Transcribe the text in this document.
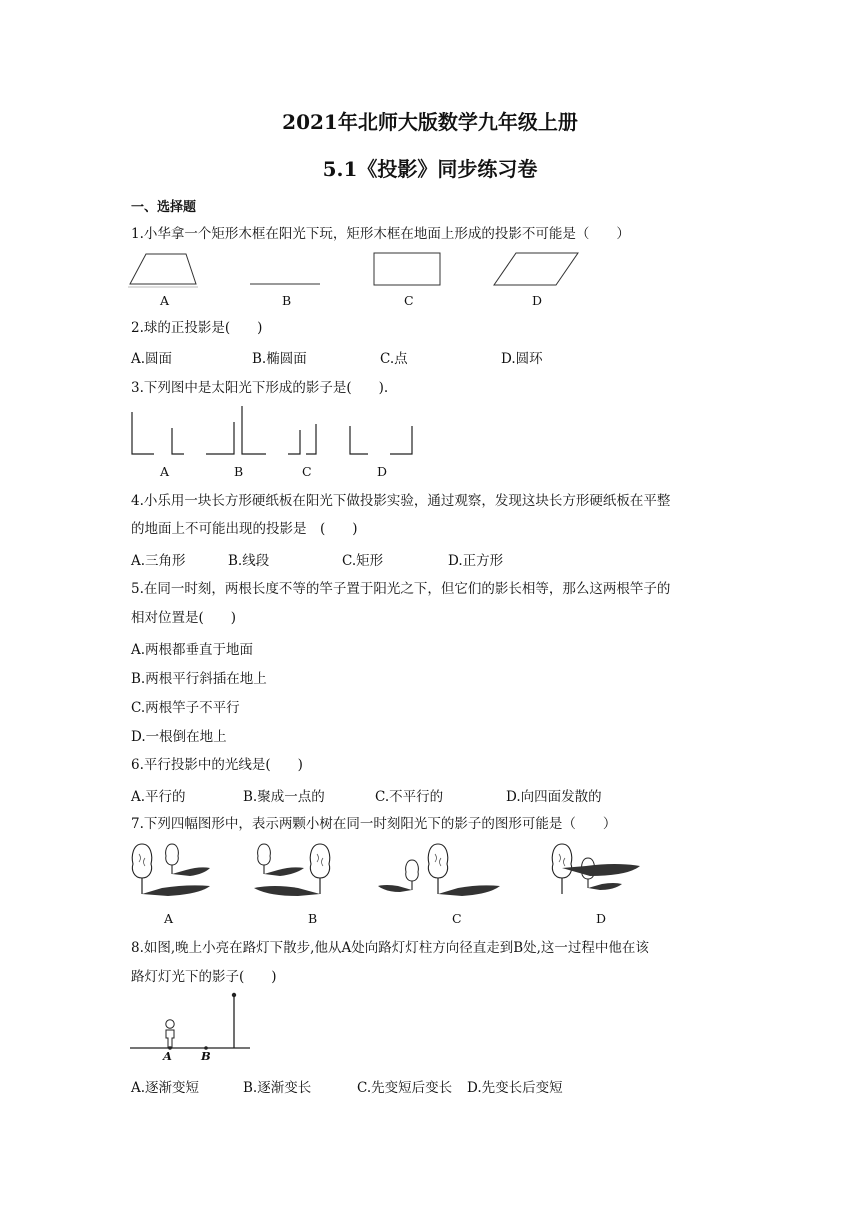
2021年北师大版数学九年级上册
5.1《投影》同步练习卷
一、选择题
1.小华拿一个矩形木框在阳光下玩，矩形木框在地面上形成的投影不可能是（　　）
A	B	C	D
2.球的正投影是(　　)
A.圆面	B.椭圆面	C.点	D.圆环
3.下列图中是太阳光下形成的影子是(　　).
A	B	C	D
4.小乐用一块长方形硬纸板在阳光下做投影实验，通过观察，发现这块长方形硬纸板在平整
的地面上不可能出现的投影是　(　　)
A.三角形	B.线段	C.矩形	D.正方形
5.在同一时刻，两根长度不等的竿子置于阳光之下，但它们的影长相等，那么这两根竿子的
相对位置是(　　)
A.两根都垂直于地面
B.两根平行斜插在地上
C.两根竿子不平行
D.一根倒在地上
6.平行投影中的光线是(　　)
A.平行的	B.聚成一点的	C.不平行的	D.向四面发散的
7.下列四幅图形中，表示两颗小树在同一时刻阳光下的影子的图形可能是（　　）
A	B	C	D
8.如图,晚上小亮在路灯下散步,他从A处向路灯灯柱方向径直走到B处,这一过程中他在该
路灯灯光下的影子(　　)
A	B
A.逐渐变短	B.逐渐变长	C.先变短后变长 D.先变长后变短
